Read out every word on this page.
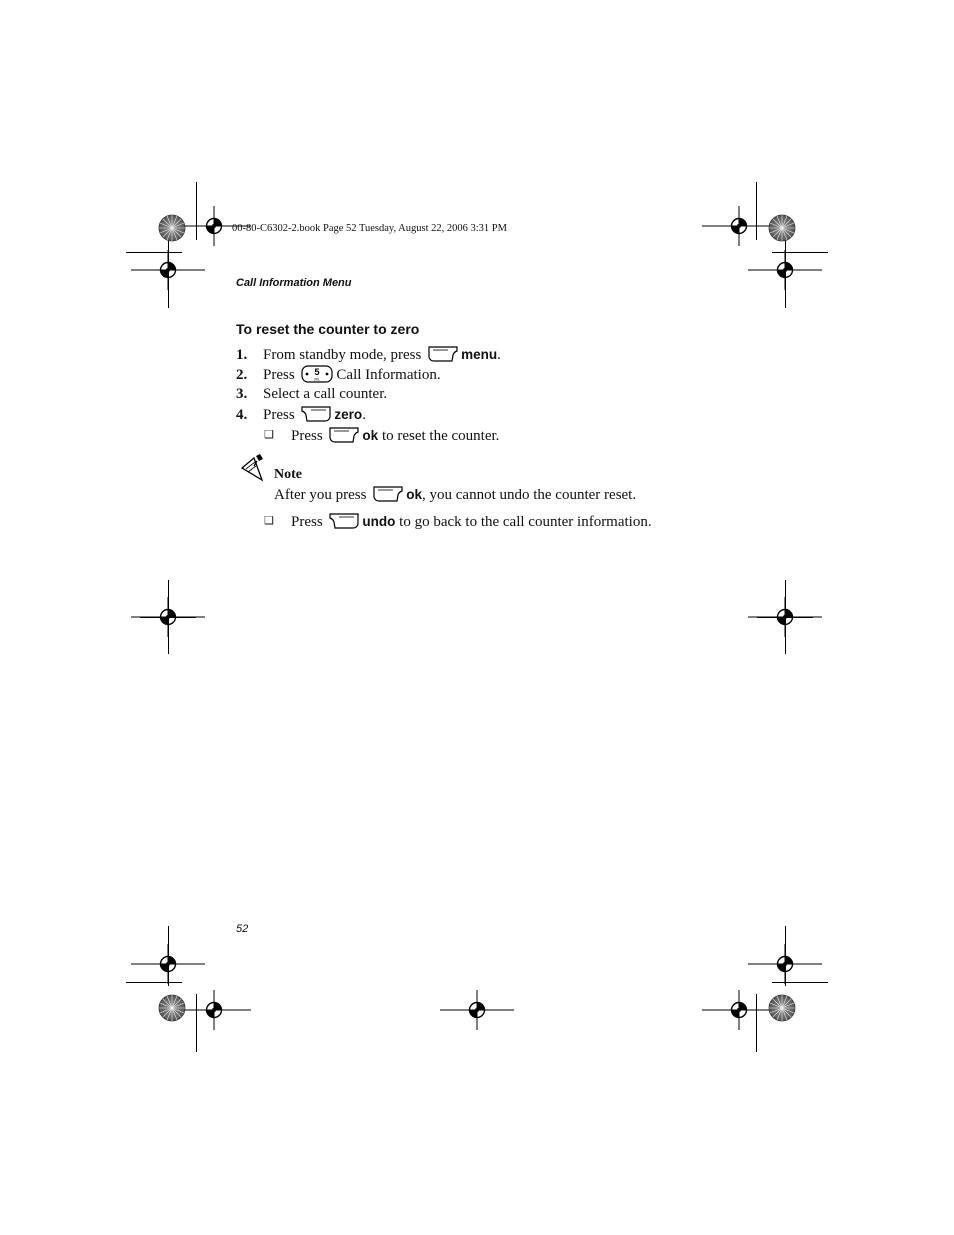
00-80-C6302-2.book Page 52 Tuesday, August 22, 2006 3:31 PM
Call Information Menu
To reset the counter to zero
1. From standby mode, press	menu.
2. Press 5
JKL Call Information.
3. Select a call counter.
4. Press	zero.
❑ Press	ok to reset the counter.
Note
After you press	ok, you cannot undo the counter reset.
❑ Press	undo to go back to the call counter information.
52
